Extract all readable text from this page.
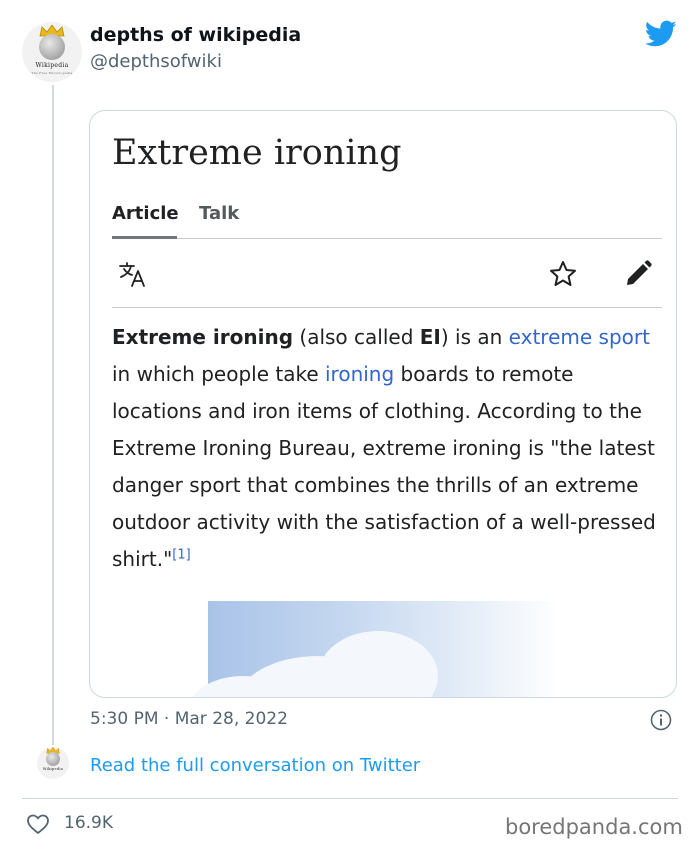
Wikipedia
The Free Encyclopedia
depths of wikipedia
@depthsofwiki
Extreme ironing
Article Talk
Extreme ironing (also called EI) is an extreme sport in which people take ironing boards to remote locations and iron items of clothing. According to the Extreme Ironing Bureau, extreme ironing is "the latest danger sport that combines the thrills of an extreme outdoor activity with the satisfaction of a well-pressed shirt."[1]
5:30 PM · Mar 28, 2022
Wikipedia Read the full conversation on Twitter
16.9K	boredpanda.com
